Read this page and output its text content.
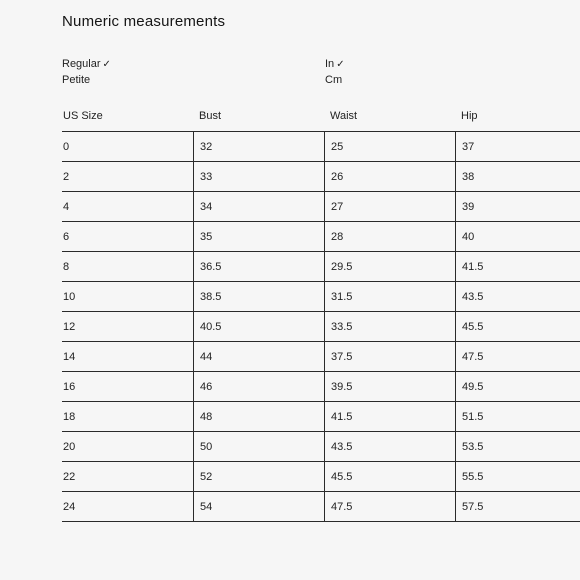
Numeric measurements
Regular ✓
Petite
In ✓
Cm
US Size	Bust	Waist	Hip
0	32	25	37
2	33	26	38
4	34	27	39
6	35	28	40
8	36.5	29.5	41.5
10	38.5	31.5	43.5
12	40.5	33.5	45.5
14	44	37.5	47.5
16	46	39.5	49.5
18	48	41.5	51.5
20	50	43.5	53.5
22	52	45.5	55.5
24	54	47.5	57.5
